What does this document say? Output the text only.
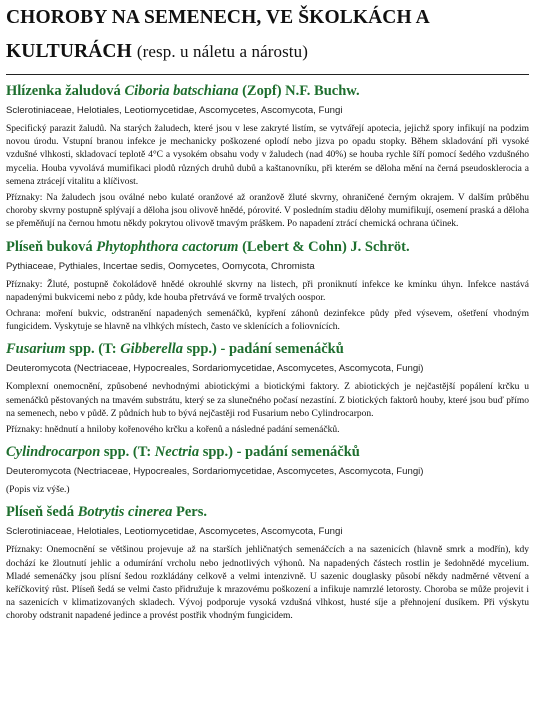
CHOROBY NA SEMENECH, VE ŠKOLKÁCH A
KULTURÁCH (resp. u náletu a nárostu)
Hlízenka žaludová Ciboria batschiana (Zopf) N.F. Buchw.
Sclerotiniaceae, Helotiales, Leotiomycetidae, Ascomycetes, Ascomycota, Fungi

Specifický parazit žaludů. Na starých žaludech, které jsou v lese zakryté listím, se vytvářejí apotecia, jejichž spory infikují na podzim novou úrodu. Vstupní branou infekce je mechanicky poškozené oplodí nebo jizva po opadu stopky. Během skladování při vysoké vzdušné vlhkosti, skladovací teplotě 4°C a vysokém obsahu vody v žaludech (nad 40%) se houba rychle šíří pomocí šedého vzdušného mycelia. Houba vyvolává mumifikaci plodů různých druhů dubů a kaštanovníku, při kterém se děloha mění na černá pseudosklerocia a semena ztrácejí vitalitu a klíčivost.

Příznaky: Na žaludech jsou oválné nebo kulaté oranžové až oranžově žluté skvrny, ohraničené černým okrajem. V dalším průběhu choroby skvrny postupně splývají a děloha jsou olivově hnědé, pórovité. V posledním stadiu dělohy mumifikují, osemení praská a děloha se přeměňují na černou hmotu někdy pokrytou olivově tmavým práškem. Po napadení ztrácí chemická ochrana účinek.

Plíseň buková Phytophthora cactorum (Lebert & Cohn) J. Schröt.
Pythiaceae, Pythiales, Incertae sedis, Oomycetes, Oomycota, Chromista

Příznaky: Žluté, postupně čokoládově hnědé okrouhlé skvrny na listech, při proniknutí infekce ke kmínku úhyn. Infekce nastává napadenými bukvicemi nebo z půdy, kde houba přetrvává ve formě trvalých oospor.

Ochrana: moření bukvic, odstranění napadených semenáčků, kypření záhonů dezinfekce půdy před výsevem, ošetření vhodným fungicidem. Vyskytuje se hlavně na vlhkých místech, často ve sklenících a foliovnících.

Fusarium spp. (T: Gibberella spp.) - padání semenáčků
Deuteromycota (Nectriaceae, Hypocreales, Sordariomycetidae, Ascomycetes, Ascomycota, Fungi)

Komplexní onemocnění, způsobené nevhodnými abiotickými a biotickými faktory. Z abiotických je nejčastější popálení krčku u semenáčků pěstovaných na tmavém substrátu, který se za slunečného počasí nezastíní. Z biotických faktorů houby, které jsou buď přímo na semenech, nebo v půdě. Z půdních hub to bývá nejčastěji rod Fusarium nebo Cylindrocarpon.

Příznaky: hnědnutí a hniloby kořenového krčku a kořenů a následné padání semenáčků.

Cylindrocarpon spp. (T: Nectria spp.) - padání semenáčků
Deuteromycota (Nectriaceae, Hypocreales, Sordariomycetidae, Ascomycetes, Ascomycota, Fungi)

(Popis viz výše.)

Plíseň šedá Botrytis cinerea Pers.
Sclerotiniaceae, Helotiales, Leotiomycetidae, Ascomycetes, Ascomycota, Fungi

Příznaky: Onemocnění se většinou projevuje až na starších jehličnatých semenáčcích a na sazenicích (hlavně smrk a modřín), kdy dochází ke žloutnutí jehlic a odumírání vrcholu nebo jednotlivých výhonů. Na napadených částech rostlin je šedohnědé mycelium. Mladé semenáčky jsou plísní šedou rozkládány celkově a velmi intenzivně. U sazenic douglasky působí někdy nadměrné větvení a keříčkovitý růst. Plíseň šedá se velmi často přidružuje k mrazovému poškození a infikuje namrzlé letorosty. Choroba se může projevit i na sazenicích v klimatizovaných skladech. Vývoj podporuje vysoká vzdušná vlhkost, husté síje a přehnojení dusíkem. Při výskytu choroby odstranit napadené jedince a provést postřik vhodným fungicidem.
